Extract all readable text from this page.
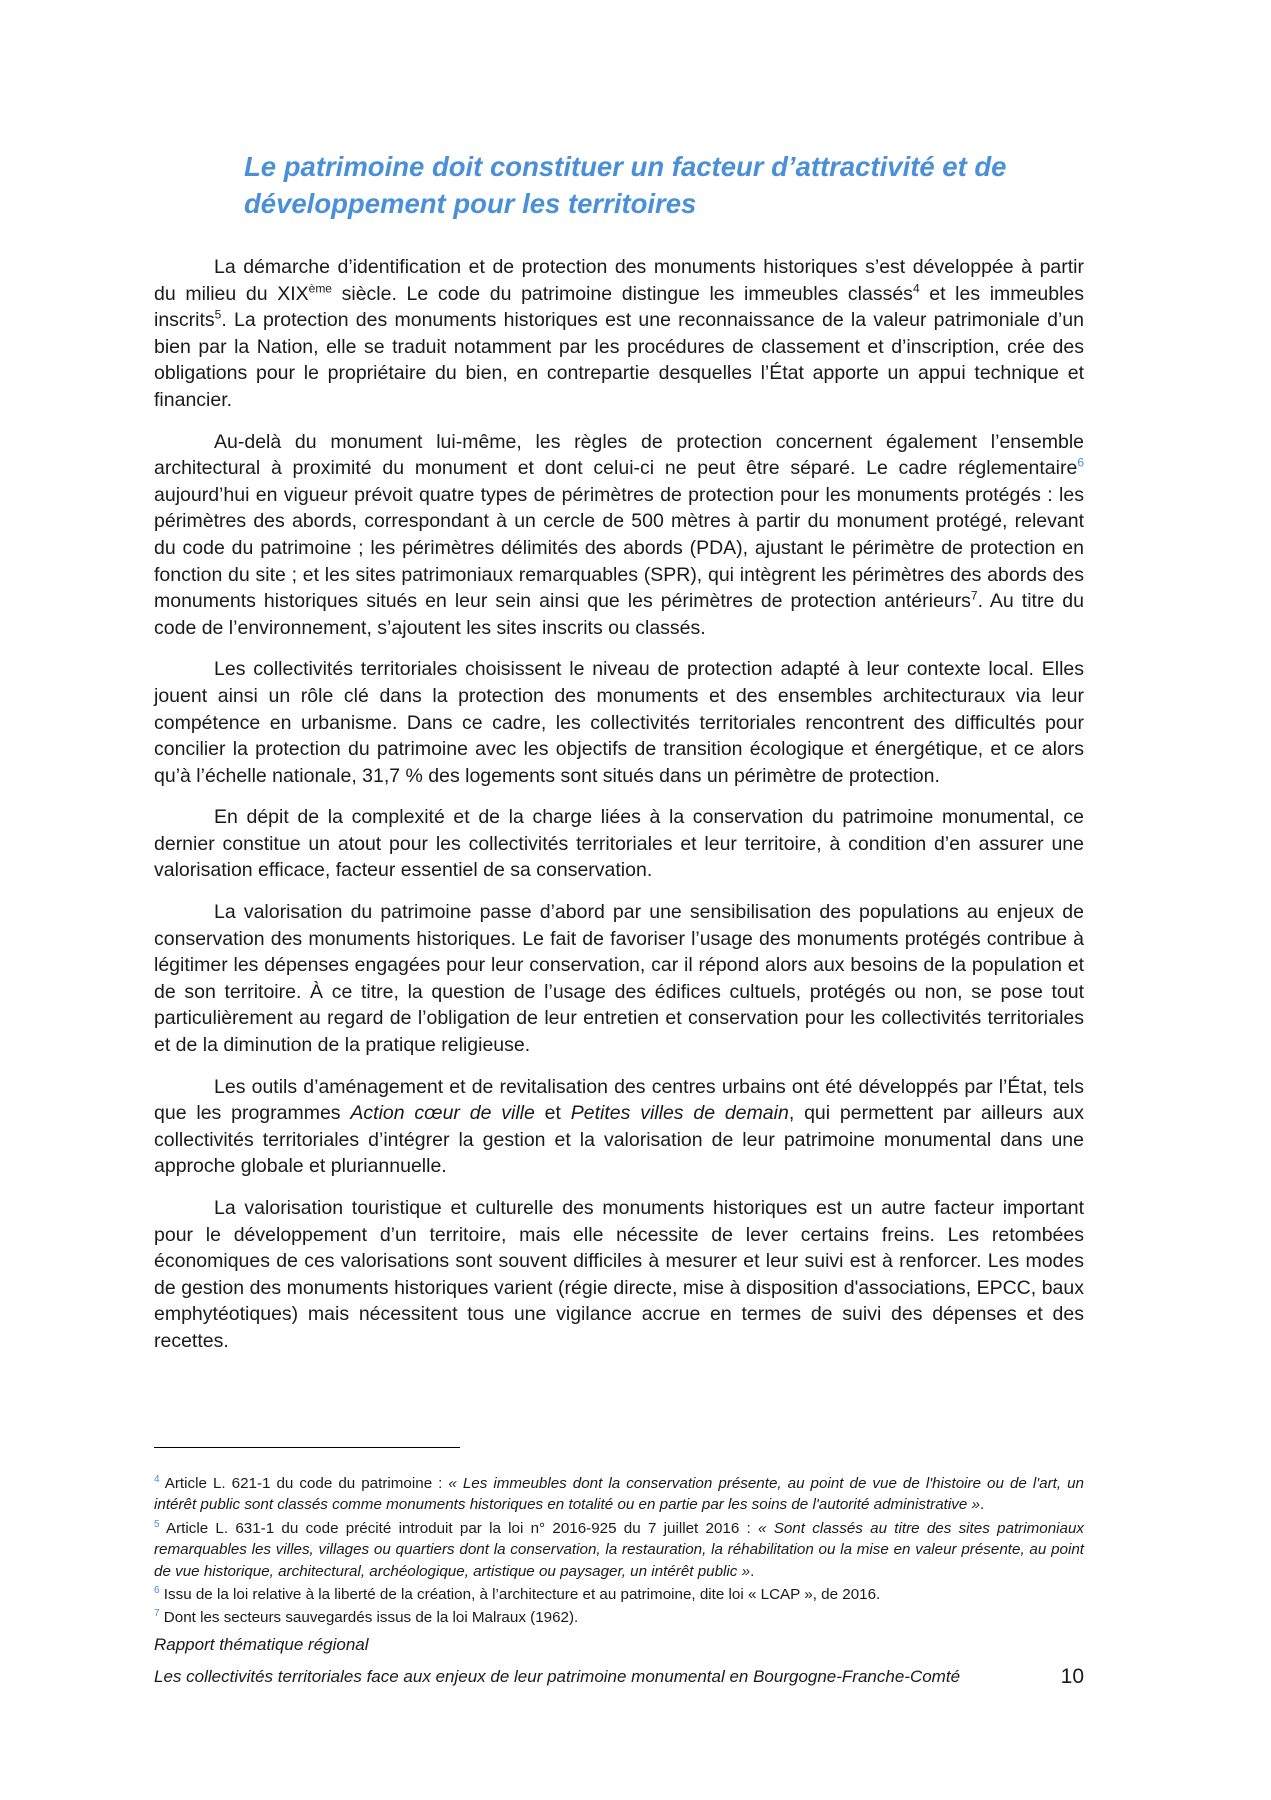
Le patrimoine doit constituer un facteur d’attractivité et de développement pour les territoires

La démarche d’identification et de protection des monuments historiques s’est développée à partir du milieu du XIXème siècle. Le code du patrimoine distingue les immeubles classés$^4$ et les immeubles inscrits$^5$. La protection des monuments historiques est une reconnaissance de la valeur patrimoniale d’un bien par la Nation, elle se traduit notamment par les procédures de classement et d’inscription, crée des obligations pour le propriétaire du bien, en contrepartie desquelles l’État apporte un appui technique et financier.

Au-delà du monument lui-même, les règles de protection concernent également l’ensemble architectural à proximité du monument et dont celui-ci ne peut être séparé. Le cadre réglementaire$^6$ aujourd’hui en vigueur prévoit quatre types de périmètres de protection pour les monuments protégés : les périmètres des abords, correspondant à un cercle de 500 mètres à partir du monument protégé, relevant du code du patrimoine ; les périmètres délimités des abords (PDA), ajustant le périmètre de protection en fonction du site ; et les sites patrimoniaux remarquables (SPR), qui intègrent les périmètres des abords des monuments historiques situés en leur sein ainsi que les périmètres de protection antérieurs$^7$. Au titre du code de l’environnement, s’ajoutent les sites inscrits ou classés.

Les collectivités territoriales choisissent le niveau de protection adapté à leur contexte local. Elles jouent ainsi un rôle clé dans la protection des monuments et des ensembles architecturaux via leur compétence en urbanisme. Dans ce cadre, les collectivités territoriales rencontrent des difficultés pour concilier la protection du patrimoine avec les objectifs de transition écologique et énergétique, et ce alors qu’à l’échelle nationale, 31,7 % des logements sont situés dans un périmètre de protection.

En dépit de la complexité et de la charge liées à la conservation du patrimoine monumental, ce dernier constitue un atout pour les collectivités territoriales et leur territoire, à condition d’en assurer une valorisation efficace, facteur essentiel de sa conservation.

La valorisation du patrimoine passe d’abord par une sensibilisation des populations au enjeux de conservation des monuments historiques. Le fait de favoriser l’usage des monuments protégés contribue à légitimer les dépenses engagées pour leur conservation, car il répond alors aux besoins de la population et de son territoire. À ce titre, la question de l’usage des édifices cultuels, protégés ou non, se pose tout particulièrement au regard de l’obligation de leur entretien et conservation pour les collectivités territoriales et de la diminution de la pratique religieuse.

Les outils d’aménagement et de revitalisation des centres urbains ont été développés par l’État, tels que les programmes Action cœur de ville et Petites villes de demain, qui permettent par ailleurs aux collectivités territoriales d’intégrer la gestion et la valorisation de leur patrimoine monumental dans une approche globale et pluriannuelle.

La valorisation touristique et culturelle des monuments historiques est un autre facteur important pour le développement d’un territoire, mais elle nécessite de lever certains freins. Les retombées économiques de ces valorisations sont souvent difficiles à mesurer et leur suivi est à renforcer. Les modes de gestion des monuments historiques varient (régie directe, mise à disposition d'associations, EPCC, baux emphytéotiques) mais nécessitent tous une vigilance accrue en termes de suivi des dépenses et des recettes.

$^4$ Article L. 621-1 du code du patrimoine : « Les immeubles dont la conservation présente, au point de vue de l'histoire ou de l'art, un intérêt public sont classés comme monuments historiques en totalité ou en partie par les soins de l'autorité administrative ».

$^5$ Article L. 631-1 du code précité introduit par la loi n° 2016-925 du 7 juillet 2016 : « Sont classés au titre des sites patrimoniaux remarquables les villes, villages ou quartiers dont la conservation, la restauration, la réhabilitation ou la mise en valeur présente, au point de vue historique, architectural, archéologique, artistique ou paysager, un intérêt public ».

$^6$ Issu de la loi relative à la liberté de la création, à l’architecture et au patrimoine, dite loi « LCAP », de 2016.

$^7$ Dont les secteurs sauvegardés issus de la loi Malraux (1962).

Rapport thématique régional
Les collectivités territoriales face aux enjeux de leur patrimoine monumental en Bourgogne-Franche-Comté	10
